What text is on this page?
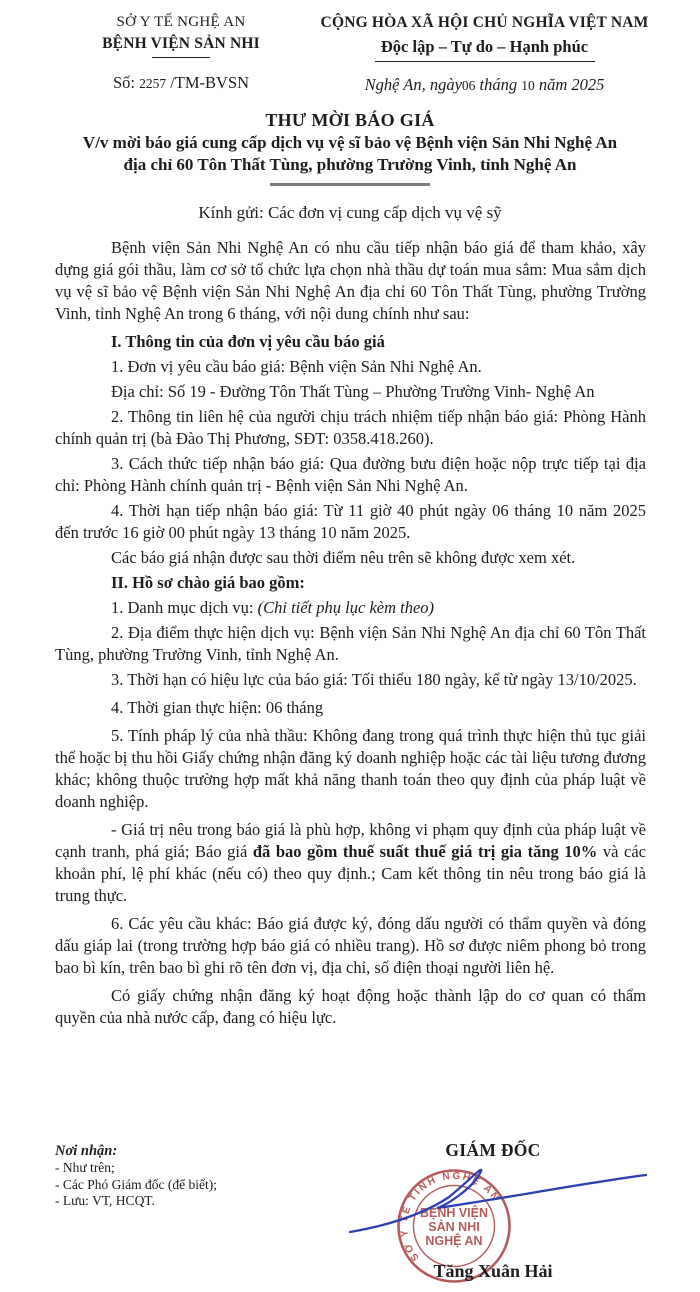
SỞ Y TẾ NGHỆ AN
BỆNH VIỆN SẢN NHI
Số: 2257 /TM-BVSN
CỘNG HÒA XÃ HỘI CHỦ NGHĨA VIỆT NAM
Độc lập – Tự do – Hạnh phúc
Nghệ An, ngày06 tháng 10 năm 2025
THƯ MỜI BÁO GIÁ
V/v mời báo giá cung cấp dịch vụ vệ sĩ bảo vệ Bệnh viện Sản Nhi Nghệ An
địa chỉ 60 Tôn Thất Tùng, phường Trường Vinh, tỉnh Nghệ An
Kính gửi: Các đơn vị cung cấp dịch vụ vệ sỹ

Bệnh viện Sản Nhi Nghệ An có nhu cầu tiếp nhận báo giá để tham khảo, xây dựng giá gói thầu, làm cơ sở tổ chức lựa chọn nhà thầu dự toán mua sắm: Mua sắm dịch vụ vệ sĩ bảo vệ Bệnh viện Sản Nhi Nghệ An địa chỉ 60 Tôn Thất Tùng, phường Trường Vinh, tỉnh Nghệ An trong 6 tháng, với nội dung chính như sau:

I. Thông tin của đơn vị yêu cầu báo giá

1. Đơn vị yêu cầu báo giá: Bệnh viện Sản Nhi Nghệ An.

Địa chỉ: Số 19 - Đường Tôn Thất Tùng – Phường Trường Vinh- Nghệ An

2. Thông tin liên hệ của người chịu trách nhiệm tiếp nhận báo giá: Phòng Hành chính quản trị (bà Đào Thị Phương, SĐT: 0358.418.260).

3. Cách thức tiếp nhận báo giá: Qua đường bưu điện hoặc nộp trực tiếp tại địa chỉ: Phòng Hành chính quản trị - Bệnh viện Sản Nhi Nghệ An.

4. Thời hạn tiếp nhận báo giá: Từ 11 giờ 40 phút ngày 06 tháng 10 năm 2025 đến trước 16 giờ 00 phút ngày 13 tháng 10 năm 2025.

Các báo giá nhận được sau thời điểm nêu trên sẽ không được xem xét.

II. Hồ sơ chào giá bao gồm:

1. Danh mục dịch vụ: (Chi tiết phụ lục kèm theo)

2. Địa điểm thực hiện dịch vụ: Bệnh viện Sản Nhi Nghệ An địa chỉ 60 Tôn Thất Tùng, phường Trường Vinh, tỉnh Nghệ An.

3. Thời hạn có hiệu lực của báo giá: Tối thiểu 180 ngày, kể từ ngày 13/10/2025.

4. Thời gian thực hiện: 06 tháng

5. Tính pháp lý của nhà thầu: Không đang trong quá trình thực hiện thủ tục giải thể hoặc bị thu hồi Giấy chứng nhận đăng ký doanh nghiệp hoặc các tài liệu tương đương khác; không thuộc trường hợp mất khả năng thanh toán theo quy định của pháp luật về doanh nghiệp.

- Giá trị nêu trong báo giá là phù hợp, không vi phạm quy định của pháp luật về cạnh tranh, phá giá; Báo giá đã bao gồm thuế suất thuế giá trị gia tăng 10% và các khoản phí, lệ phí khác (nếu có) theo quy định.; Cam kết thông tin nêu trong báo giá là trung thực.

6. Các yêu cầu khác: Báo giá được ký, đóng dấu người có thẩm quyền và đóng dấu giáp lai (trong trường hợp báo giá có nhiều trang). Hồ sơ được niêm phong bỏ trong bao bì kín, trên bao bì ghi rõ tên đơn vị, địa chỉ, số điện thoại người liên hệ.

Có giấy chứng nhận đăng ký hoạt động hoặc thành lập do cơ quan có thẩm quyền của nhà nước cấp, đang có hiệu lực.

Nơi nhận:
- Như trên;
- Các Phó Giám đốc (để biết);
- Lưu: VT, HCQT.
GIÁM ĐỐC
SỞ Y TẾ TỈNH NGHỆ AN
BỆNH VIỆN
SẢN NHI
NGHỆ AN
Tăng Xuân Hải
